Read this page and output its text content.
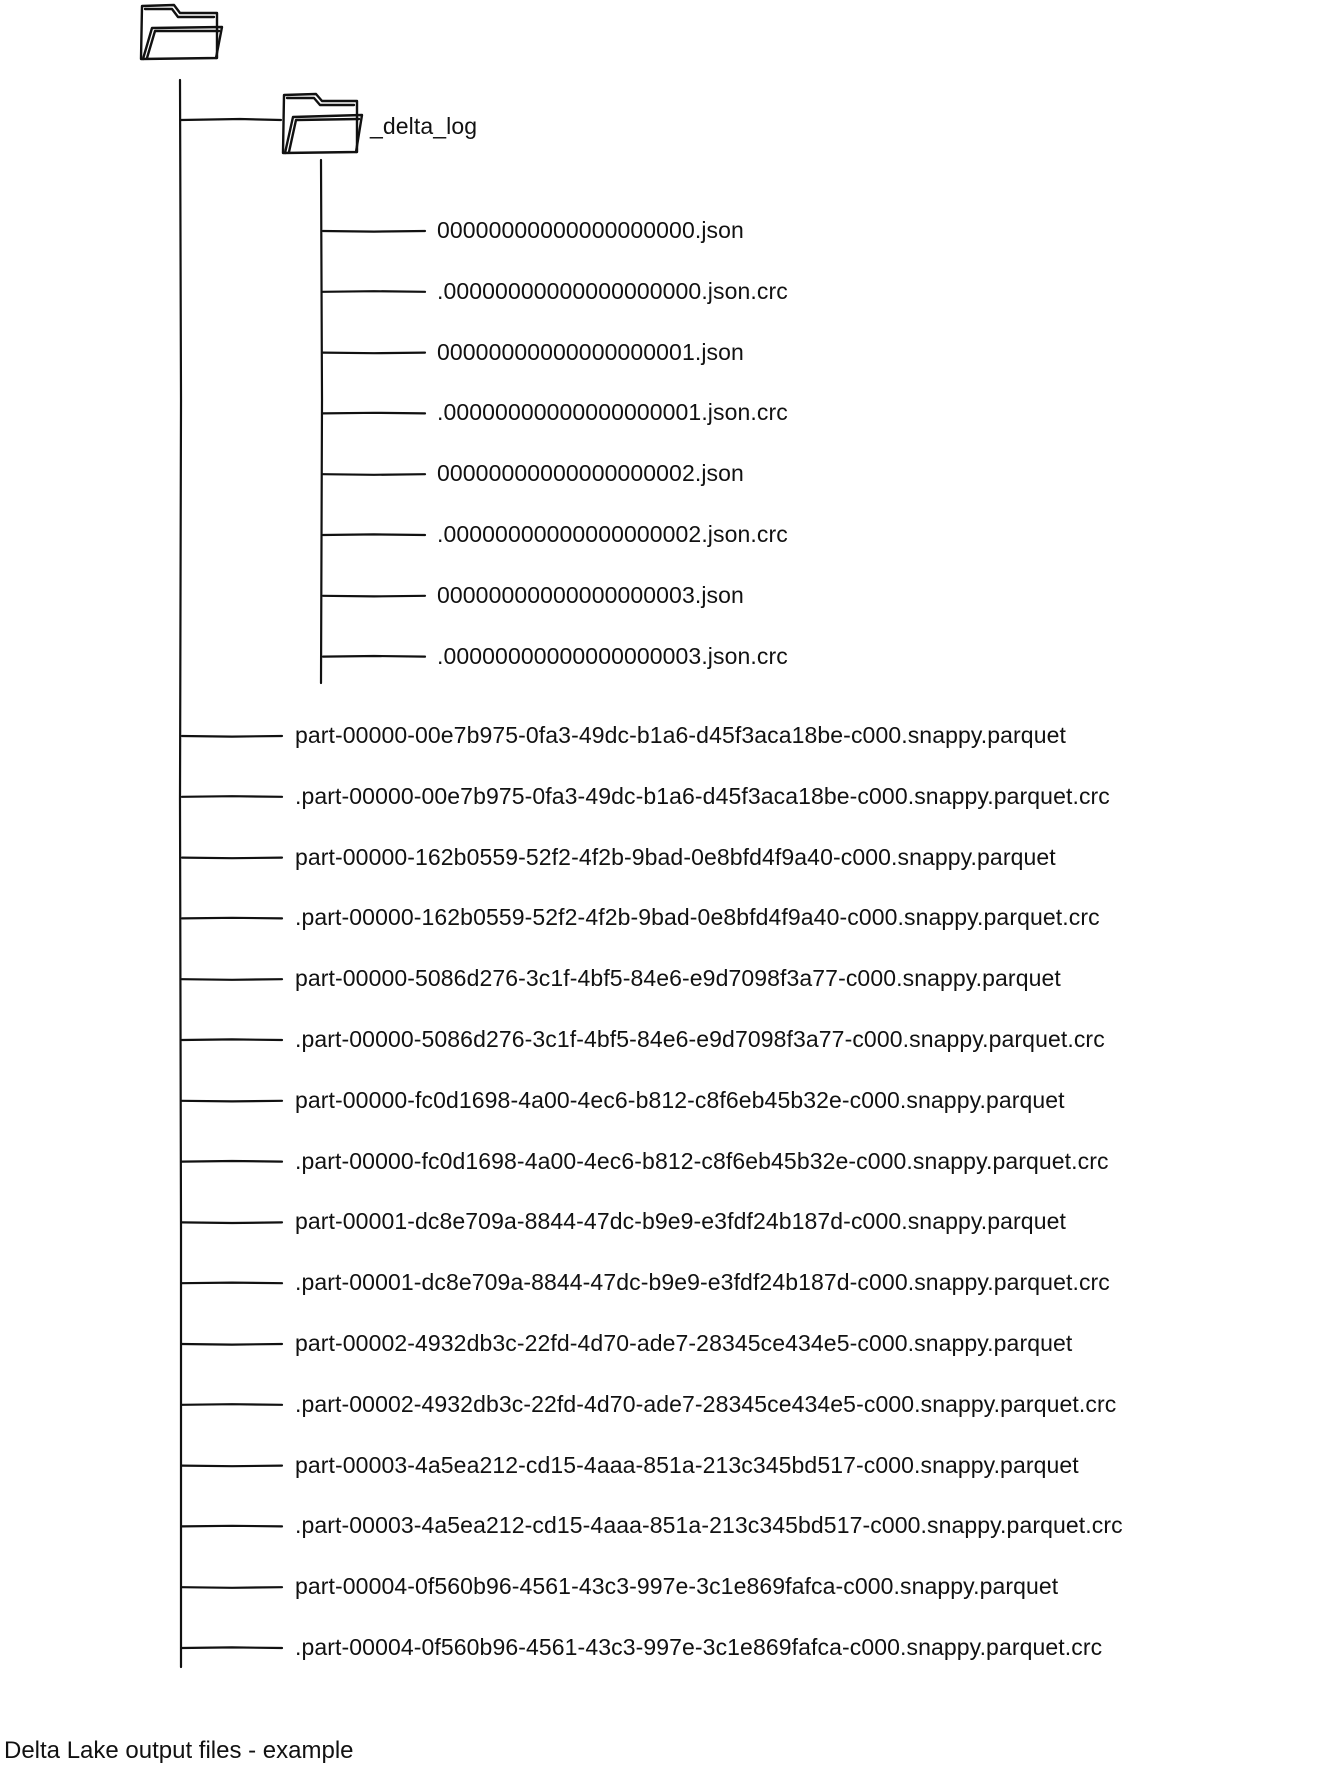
00000000000000000000.json
.00000000000000000000.json.crc
00000000000000000001.json
.00000000000000000001.json.crc
00000000000000000002.json
.00000000000000000002.json.crc
00000000000000000003.json
.00000000000000000003.json.crc
part-00000-00e7b975-0fa3-49dc-b1a6-d45f3aca18be-c000.snappy.parquet
.part-00000-00e7b975-0fa3-49dc-b1a6-d45f3aca18be-c000.snappy.parquet.crc
part-00000-162b0559-52f2-4f2b-9bad-0e8bfd4f9a40-c000.snappy.parquet
.part-00000-162b0559-52f2-4f2b-9bad-0e8bfd4f9a40-c000.snappy.parquet.crc
part-00000-5086d276-3c1f-4bf5-84e6-e9d7098f3a77-c000.snappy.parquet
.part-00000-5086d276-3c1f-4bf5-84e6-e9d7098f3a77-c000.snappy.parquet.crc
part-00000-fc0d1698-4a00-4ec6-b812-c8f6eb45b32e-c000.snappy.parquet
.part-00000-fc0d1698-4a00-4ec6-b812-c8f6eb45b32e-c000.snappy.parquet.crc
part-00001-dc8e709a-8844-47dc-b9e9-e3fdf24b187d-c000.snappy.parquet
.part-00001-dc8e709a-8844-47dc-b9e9-e3fdf24b187d-c000.snappy.parquet.crc
part-00002-4932db3c-22fd-4d70-ade7-28345ce434e5-c000.snappy.parquet
.part-00002-4932db3c-22fd-4d70-ade7-28345ce434e5-c000.snappy.parquet.crc
part-00003-4a5ea212-cd15-4aaa-851a-213c345bd517-c000.snappy.parquet
.part-00003-4a5ea212-cd15-4aaa-851a-213c345bd517-c000.snappy.parquet.crc
part-00004-0f560b96-4561-43c3-997e-3c1e869fafca-c000.snappy.parquet
.part-00004-0f560b96-4561-43c3-997e-3c1e869fafca-c000.snappy.parquet.crc
_delta_log
Delta Lake output files - example
